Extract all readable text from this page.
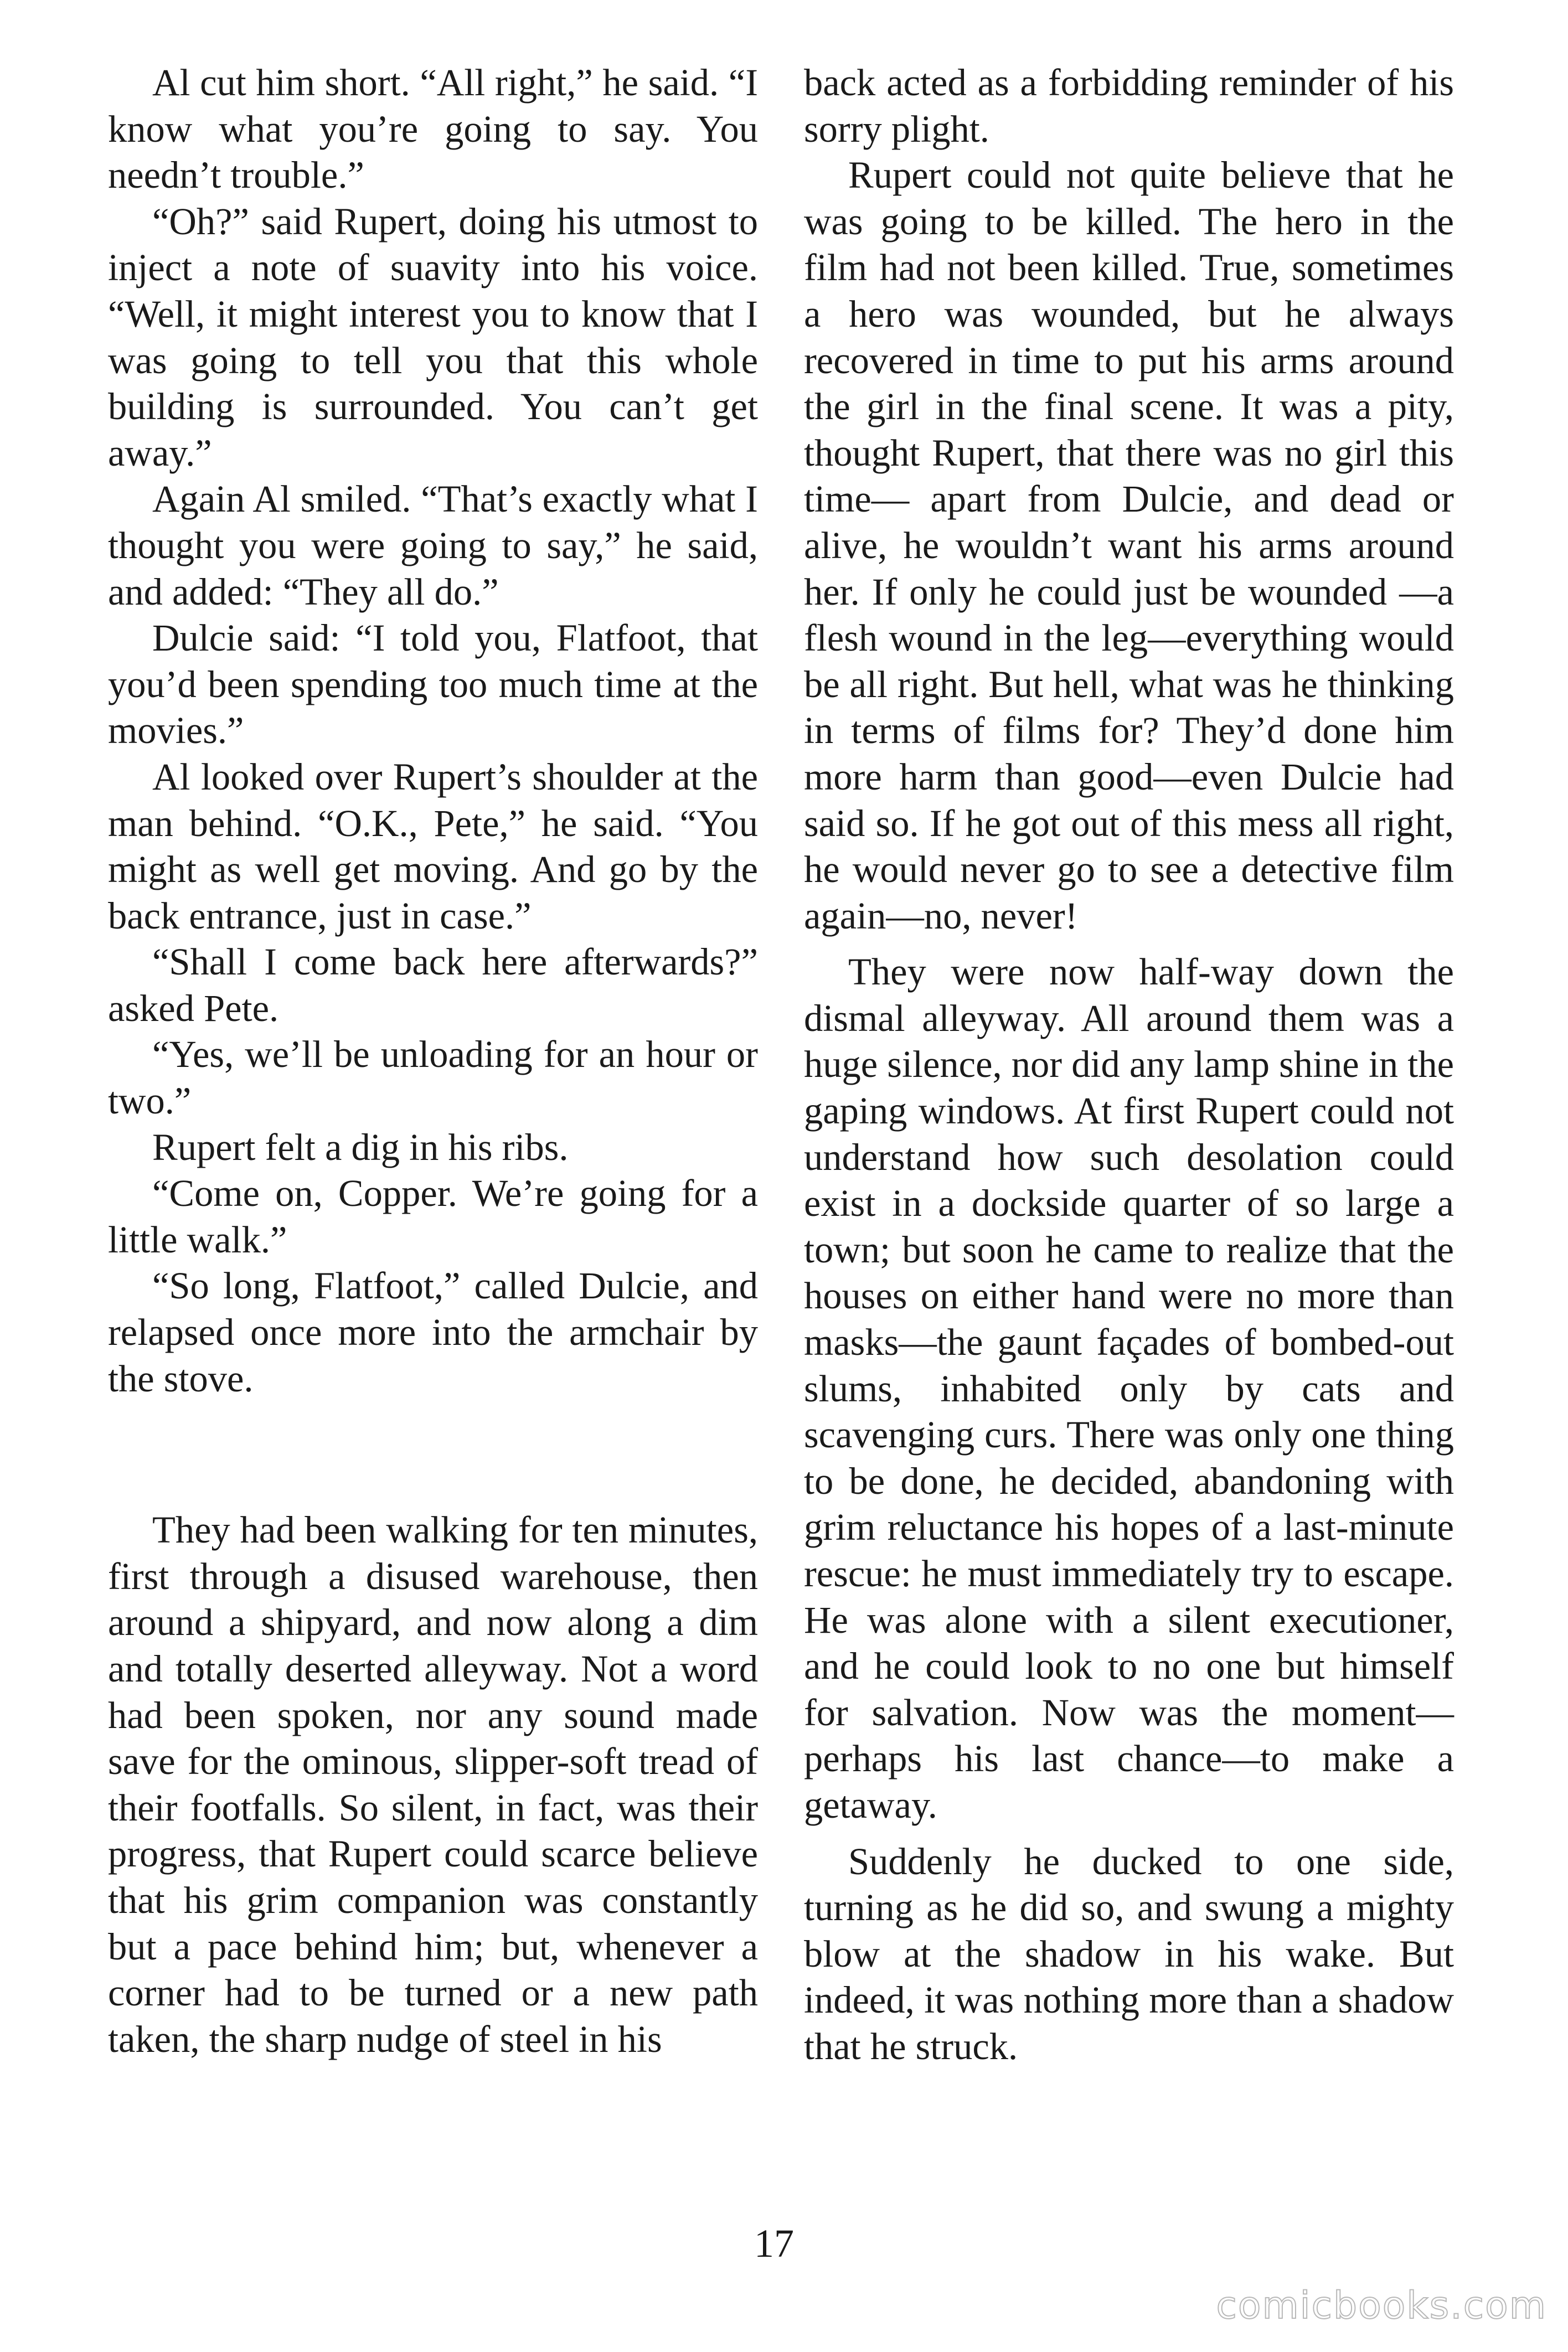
Al cut him short. “All right,” he said. “I know what you’re going to say. You needn’t trouble.”

“Oh?” said Rupert, doing his utmost to inject a note of suavity into his voice. “Well, it might interest you to know that I was going to tell you that this whole building is surrounded. You can’t get away.”

Again Al smiled. “That’s exactly what I thought you were going to say,” he said, and added: “They all do.”

Dulcie said: “I told you, Flatfoot, that you’d been spending too much time at the movies.”

Al looked over Rupert’s shoulder at the man behind. “O.K., Pete,” he said. “You might as well get moving. And go by the back entrance, just in case.”

“Shall I come back here afterwards?” asked Pete.

“Yes, we’ll be unloading for an hour or two.”

Rupert felt a dig in his ribs.

“Come on, Copper. We’re going for a little walk.”

“So long, Flatfoot,” called Dulcie, and relapsed once more into the armchair by the stove.

They had been walking for ten minutes, first through a disused warehouse, then around a shipyard, and now along a dim and totally deserted alleyway. Not a word had been spoken, nor any sound made save for the ominous, slipper-soft tread of their footfalls. So silent, in fact, was their progress, that Rupert could scarce believe that his grim companion was constantly but a pace behind him; but, whenever a corner had to be turned or a new path taken, the sharp nudge of steel in his

back acted as a forbidding reminder of his sorry plight.

Rupert could not quite believe that he was going to be killed. The hero in the film had not been killed. True, sometimes a hero was wounded, but he always recovered in time to put his arms around the girl in the final scene. It was a pity, thought Rupert, that there was no girl this time— apart from Dulcie, and dead or alive, he wouldn’t want his arms around her. If only he could just be wounded —a flesh wound in the leg—everything would be all right. But hell, what was he thinking in terms of films for? They’d done him more harm than good—even Dulcie had said so. If he got out of this mess all right, he would never go to see a detective film again—no, never!

They were now half-way down the dismal alleyway. All around them was a huge silence, nor did any lamp shine in the gaping windows. At first Rupert could not understand how such desolation could exist in a dockside quarter of so large a town; but soon he came to realize that the houses on either hand were no more than masks—the gaunt façades of bombed-out slums, inhabited only by cats and scavenging curs. There was only one thing to be done, he decided, abandoning with grim reluctance his hopes of a last-minute rescue: he must immediately try to escape. He was alone with a silent executioner, and he could look to no one but himself for salvation. Now was the moment—perhaps his last chance—to make a getaway.

Suddenly he ducked to one side, turning as he did so, and swung a mighty blow at the shadow in his wake. But indeed, it was nothing more than a shadow that he struck.

17
comicbooks.com
